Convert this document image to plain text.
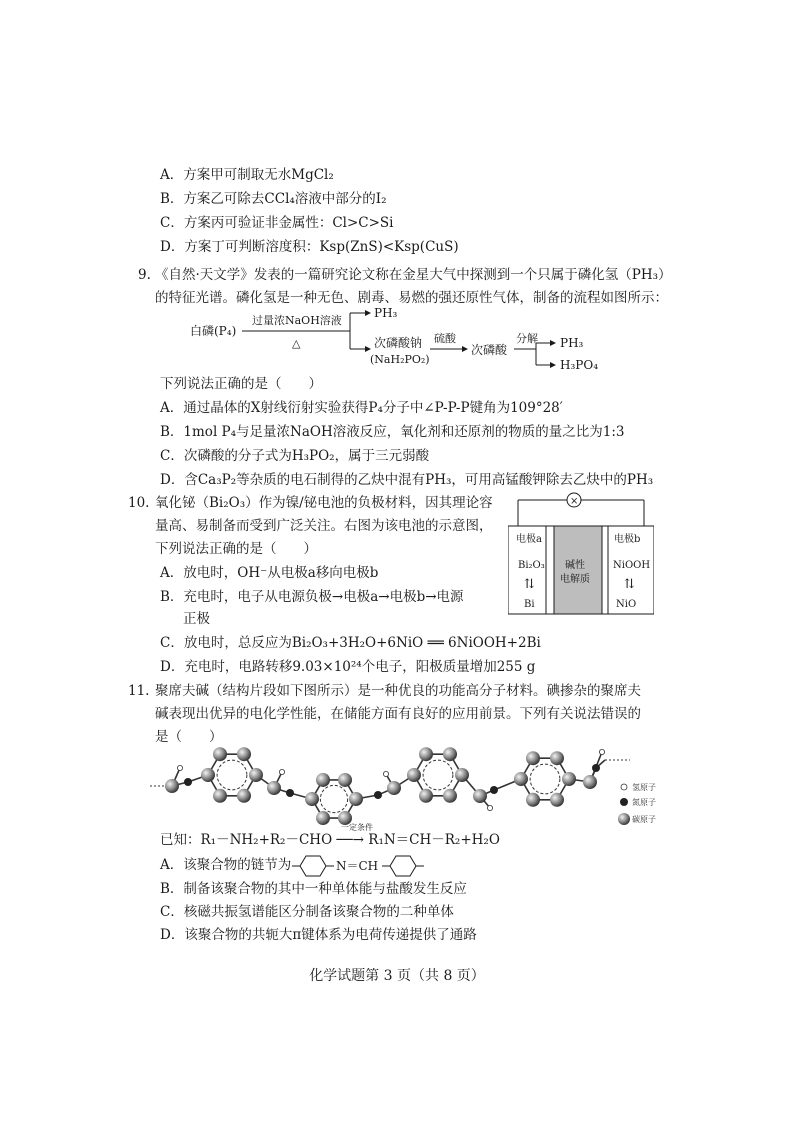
A．方案甲可制取无水MgCl₂
B．方案乙可除去CCl₄溶液中部分的I₂
C．方案丙可验证非金属性：Cl>C>Si
D．方案丁可判断溶度积：Ksp(ZnS)<Ksp(CuS)
9. 《自然·天文学》发表的一篇研究论文称在金星大气中探测到一个只属于磷化氢（PH₃）
的特征光谱。磷化氢是一种无色、剧毒、易燃的强还原性气体，制备的流程如图所示：
白磷(P₄)
过量浓NaOH溶液
△
PH₃
次磷酸钠
(NaH₂PO₂)
硫酸
次磷酸
分解 PH₃
H₃PO₄
下列说法正确的是（　　）
A．通过晶体的X射线衍射实验获得P₄分子中∠P-P-P键角为109°28′
B．1mol P₄与足量浓NaOH溶液反应，氧化剂和还原剂的物质的量之比为1:3
C．次磷酸的分子式为H₃PO₂，属于三元弱酸
D．含Ca₃P₂等杂质的电石制得的乙炔中混有PH₃，可用高锰酸钾除去乙炔中的PH₃
10. 氧化铋（Bi₂O₃）作为镍/铋电池的负极材料，因其理论容
量高、易制备而受到广泛关注。右图为该电池的示意图，
下列说法正确的是（　　）
A．放电时，OH⁻从电极a移向电极b
B．充电时，电子从电源负极→电极a→电极b→电源
正极
C．放电时，总反应为Bi₂O₃+3H₂O+6NiO ══ 6NiOOH+2Bi
D．充电时，电路转移9.03×10²⁴个电子，阳极质量增加255 g
×
电极a	电极b
Bi₂O₃
⇅
Bi
碱性
电解质
NiOOH
⇅
NiO
11. 聚席夫碱（结构片段如下图所示）是一种优良的功能高分子材料。碘掺杂的聚席夫
碱表现出优异的电化学性能，在储能方面有良好的应用前景。下列有关说法错误的
是（　　）
氢原子
氮原子
碳原子
已知：R₁－NH₂+R₂－CHO ──→ R₁N＝CH－R₂+H₂O
一定条件
A．该聚合物的链节为	N＝CH
B．制备该聚合物的其中一种单体能与盐酸发生反应
C．核磁共振氢谱能区分制备该聚合物的二种单体
D．该聚合物的共轭大π键体系为电荷传递提供了通路
化学试题第 3 页（共 8 页）
